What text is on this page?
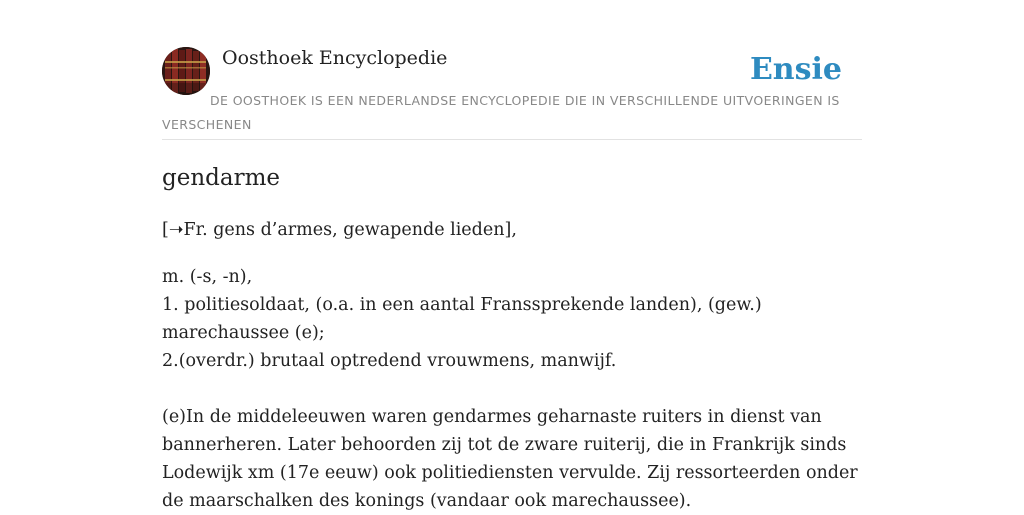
Oosthoek Encyclopedie	Ensie
DE OOSTHOEK IS EEN NEDERLANDSE ENCYCLOPEDIE DIE IN VERSCHILLENDE UITVOERINGEN IS VERSCHENEN
gendarme

[➝Fr. gens d’armes, gewapende lieden],

m. (-s, -n),

1. politiesoldaat, (o.a. in een aantal Franssprekende landen), (gew.) marechaussee (e);

2.(overdr.) brutaal optredend vrouwmens, manwijf.

(e)In de middeleeuwen waren gendarmes geharnaste ruiters in dienst van bannerheren. Later behoorden zij tot de zware ruiterij, die in Frankrijk sinds Lodewijk xm (17e eeuw) ook politiediensten vervulde. Zij ressorteerden onder de maarschalken des konings (vandaar ook marechaussee).
